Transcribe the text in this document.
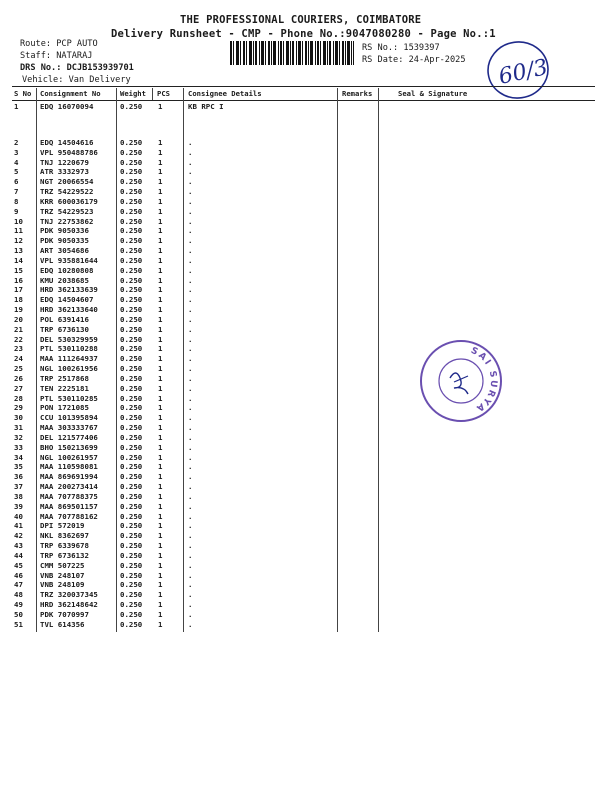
THE PROFESSIONAL COURIERS, COIMBATORE
Delivery Runsheet - CMP - Phone No.:9047080280 - Page No.:1
Route: PCP AUTO
Staff: NATARAJ
DRS No.: DCJB153939701
Vehicle: Van Delivery
RS No.: 1539397
RS Date: 24-Apr-2025 60/3
S No Consignment No	Weight PCS	Consignee Details	Remarks	Seal & Signature
1	EDQ 16070094	0.250 1	KB RPC I
2	EDQ 14504616	0.250 1	.
3	VPL 950488786	0.250 1	.
4	TNJ 1220679	0.250 1	.
5	ATR 3332973	0.250 1	.
6	NGT 20066554	0.250 1	.
7	TRZ 54229522	0.250 1	.
8	KRR 600036179	0.250 1	.
9	TRZ 54229523	0.250 1	.
10 TNJ 22753862	0.250 1	.
11 PDK 9050336	0.250 1	.
12 PDK 9050335	0.250 1	.
13 ART 3054686	0.250 1	.
14 VPL 935881644	0.250 1	.
15 EDQ 10280808	0.250 1	.
16 KMU 2038685	0.250 1	.
17 HRD 362133639	0.250 1	.
18 EDQ 14504607	0.250 1	.
19 HRD 362133640	0.250 1	.
20 POL 6391416	0.250 1	.
21 TRP 6736130	0.250 1	.
22 DEL 530329959	0.250 1	.
23 PTL 530110288	0.250 1	.
24 MAA 111264937	0.250 1	.
25 NGL 100261956	0.250 1	.
26 TRP 2517868	0.250 1	.
27 TEN 2225181	0.250 1	.
28 PTL 530110285	0.250 1	.
29 PON 1721085	0.250 1	.
30 CCU 101395894	0.250 1	.
31 MAA 303333767	0.250 1	.
32 DEL 121577406	0.250 1	.
33 BHO 150213699	0.250 1	.
34 NGL 100261957	0.250 1	.
35 MAA 110598081	0.250 1	.
36 MAA 869691994	0.250 1	.
37 MAA 200273414	0.250 1	.
38 MAA 707788375	0.250 1	.
39 MAA 869501157	0.250 1	.
40 MAA 707788162	0.250 1	.
41 DPI 572019	0.250 1	.
42 NKL 8362697	0.250 1	.
43 TRP 6339678	0.250 1	.
44 TRP 6736132	0.250 1	.
45 CMM 507225	0.250 1	.
46 VNB 248107	0.250 1	.
47 VNB 248109	0.250 1	.
48 TRZ 320037345	0.250 1	.
49 HRD 362148642	0.250 1	.
50 PDK 7070997	0.250 1	.
51 TVL 614356	0.250 1	.
SAI SURYA
